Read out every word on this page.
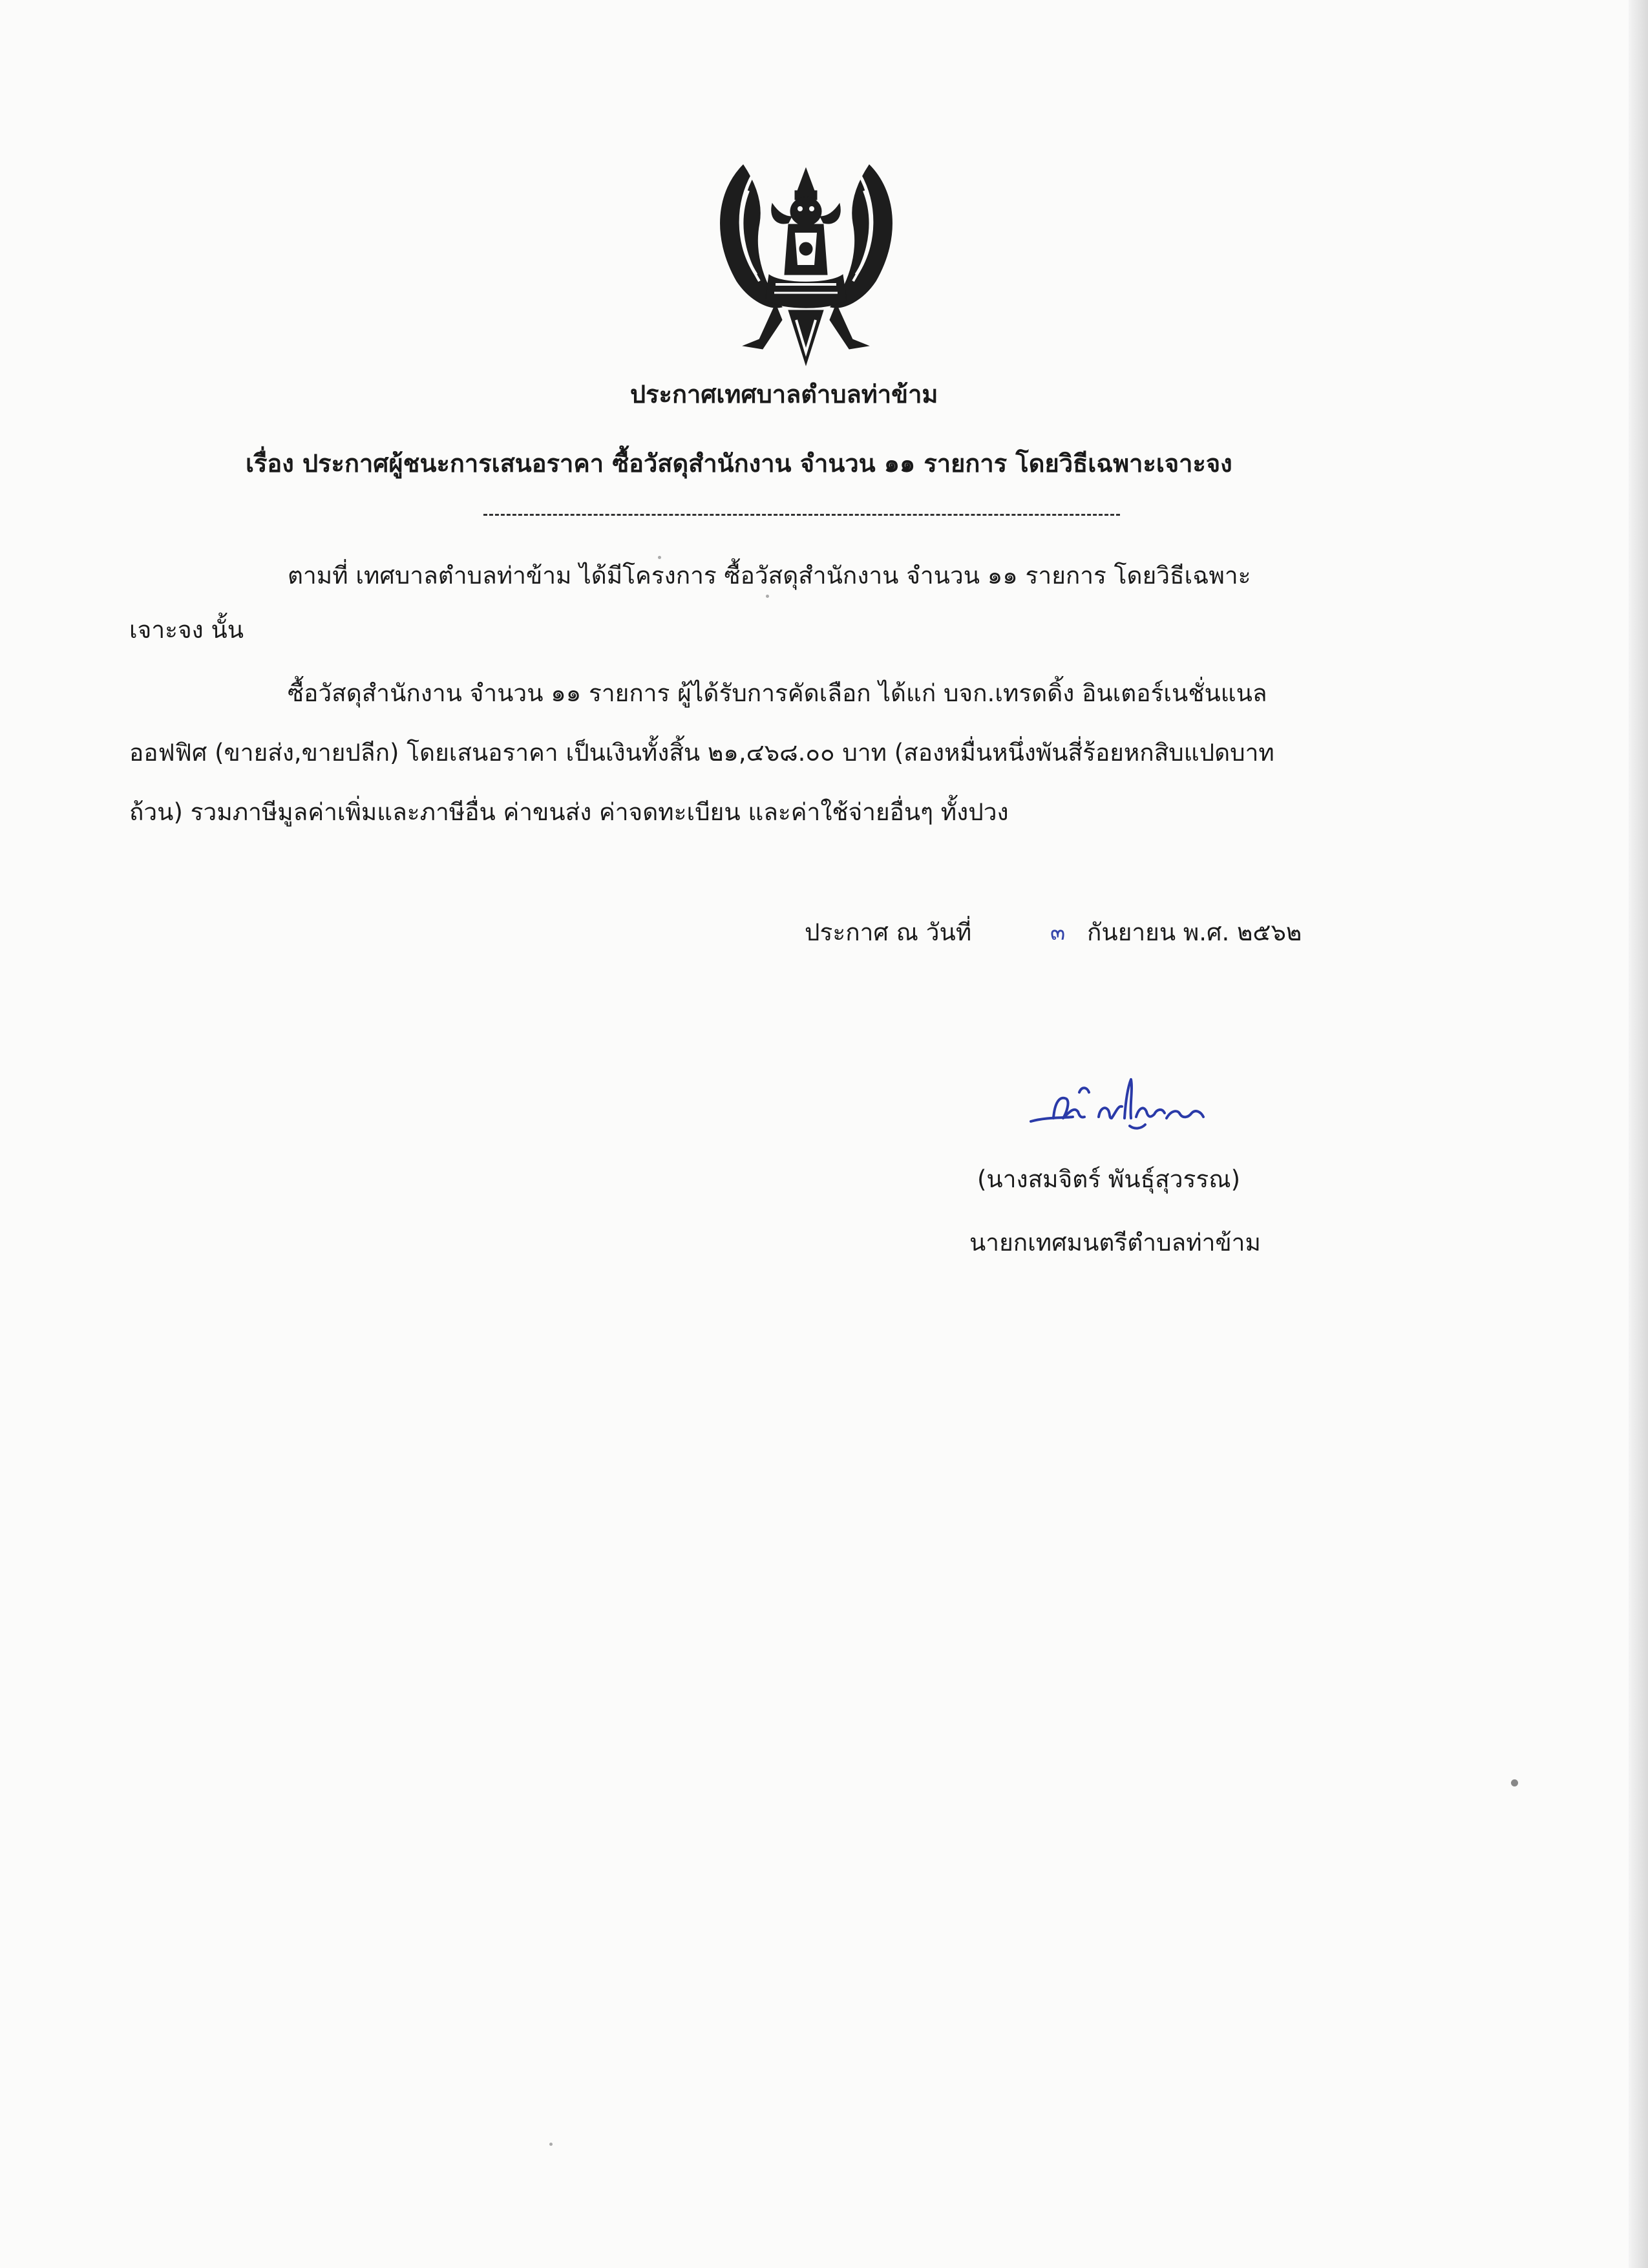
ประกาศเทศบาลตำบลท่าข้าม
เรื่อง ประกาศผู้ชนะการเสนอราคา ซื้อวัสดุสำนักงาน จำนวน ๑๑ รายการ โดยวิธีเฉพาะเจาะจง
ตามที่ เทศบาลตำบลท่าข้าม ได้มีโครงการ ซื้อวัสดุสำนักงาน จำนวน ๑๑ รายการ โดยวิธีเฉพาะ
เจาะจง นั้น
ซื้อวัสดุสำนักงาน จำนวน ๑๑ รายการ ผู้ได้รับการคัดเลือก ได้แก่ บจก.เทรดดิ้ง อินเตอร์เนชั่นแนล
ออฟฟิศ (ขายส่ง,ขายปลีก) โดยเสนอราคา เป็นเงินทั้งสิ้น ๒๑,๔๖๘.๐๐ บาท (สองหมื่นหนึ่งพันสี่ร้อยหกสิบแปดบาท
ถ้วน) รวมภาษีมูลค่าเพิ่มและภาษีอื่น ค่าขนส่ง ค่าจดทะเบียน และค่าใช้จ่ายอื่นๆ ทั้งปวง
ประกาศ ณ วันที่	๓ กันยายน พ.ศ. ๒๕๖๒
(นางสมจิตร์ พันธุ์สุวรรณ)
นายกเทศมนตรีตำบลท่าข้าม
